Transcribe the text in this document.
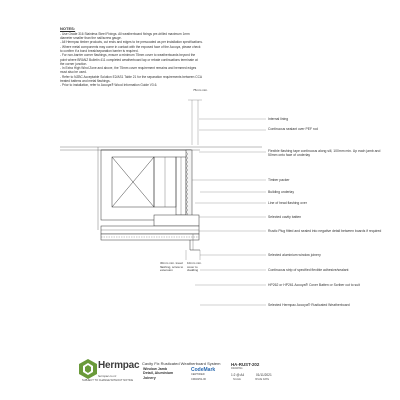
NOTES:
- Use Grade 316 Stainless Steel Fixings. All weatherboard fixings pre-drilled maximum 1mm
diameter smaller than the nail/screw gauge.
- All Hermpac timber products, cut ends and edges to be prescoated as per installation specifications.
- Where metal components may come in contact with the exposed face of the Accoya, please check
to confirm if a bond break/separation barrier is required.
- For non-barrier corner flashings, ensure a minimum 75mm cover to weatherboards beyond the
point where BRANZ Bulletin 411 completed weatherboard lap or rebate continuations terminate at
the corner junction.
- In Extra High Wind Zone and above, the 75mm cover requirement remains and hemmed edges
must also be used.
- Refer to NZBC Acceptable Solution E2/AS1 Table 21 for the separation requirements between CCA
treated battens and metal flashings.
- Prior to installation, refer to Accoya® Wood Information Guide V3.6.
75mm min.
Internal lining
Continuous sealant over PEF rod
Flexible flashing tape continuous along sill, 100mm min. Up each jamb and 50mm onto face of underlay
Timber packer
Building underlay
Line of head flashing over
Selected cavity batten
Rustic Plug fitted and sealed into negative detail between boards if required
Selected aluminium window joinery
Continuous strip of specified flexible adhesive/sealant
HP262 or HP261 Accoya® Cover Batten or Scriber cut to suit
Selected Hermpac Accoya® Rusticated Weatherboard
30mm min. tread flashing, screw to extension
10mm min. cover to cladding
Hermpac
hermpac.co.nz
SUBJECT TO CHANGE WITHOUT NOTICE
Cavity Fix Rusticated Weatherboard System
Window Jamb
Detail, Aluminium
Joinery
CodeMark
CERTIFIED
CM40251-00
HA-RUST-202
DRAWING
1:2 @ A4
SCALE
01/11/2021
ISSUE DATE
